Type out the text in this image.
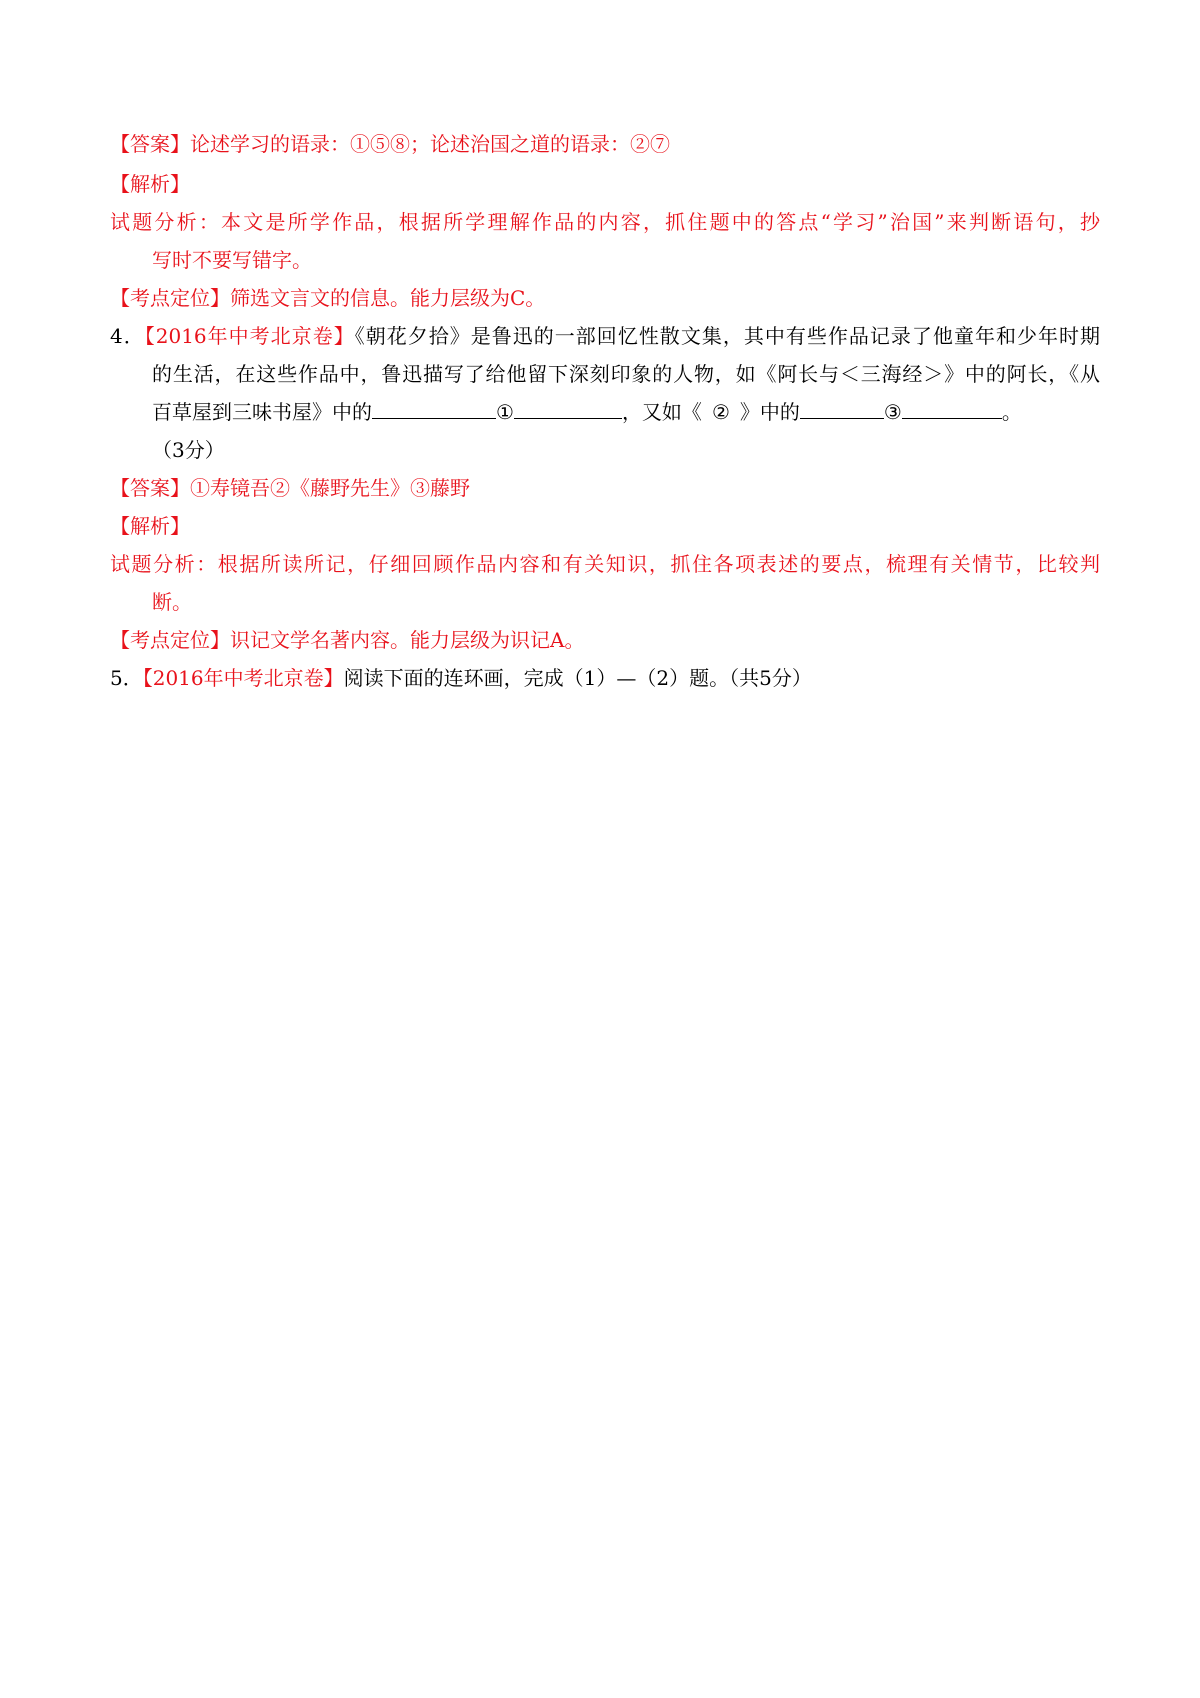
【答案】论述学习的语录：①⑤⑧；论述治国之道的语录：②⑦
【解析】
试题分析：本文是所学作品，根据所学理解作品的内容，抓住题中的答点“学习”治国”来判断语句，抄
写时不要写错字。
【考点定位】筛选文言文的信息。能力层级为C。
4．【2016年中考北京卷】《朝花夕拾》是鲁迅的一部回忆性散文集，其中有些作品记录了他童年和少年时期
的生活，在这些作品中，鲁迅描写了给他留下深刻印象的人物，如《阿长与＜三海经＞》中的阿长，《从
百草屋到三味书屋》中的	①	，又如《 ② 》中的	③	。
（3分）
【答案】①寿镜吾②《藤野先生》③藤野
【解析】
试题分析：根据所读所记，仔细回顾作品内容和有关知识，抓住各项表述的要点，梳理有关情节，比较判
断。
【考点定位】识记文学名著内容。能力层级为识记A。
5．【2016年中考北京卷】阅读下面的连环画，完成（1）—（2）题。（共5分）
